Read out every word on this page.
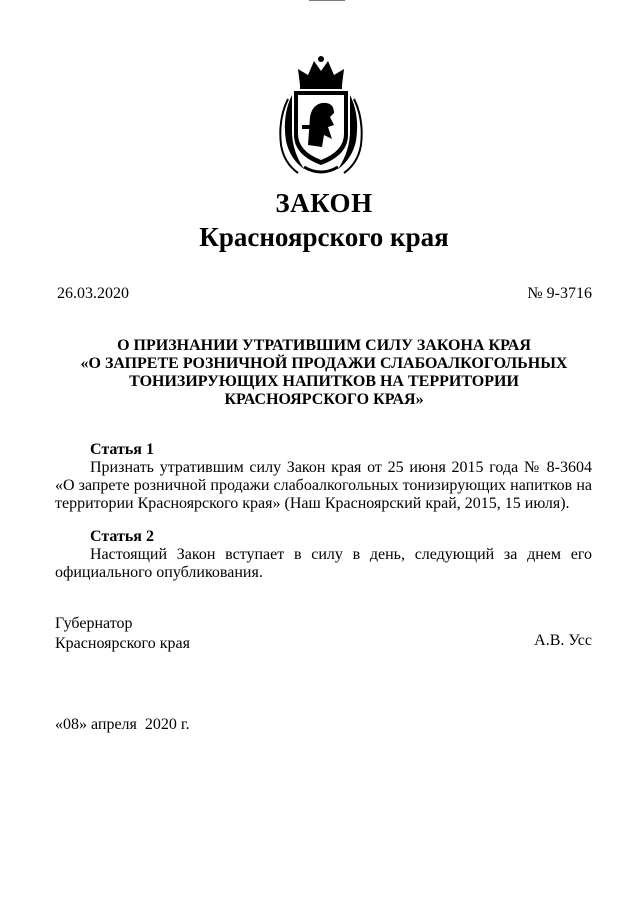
ЗАКОН
Красноярского края
26.03.2020	№ 9-3716
О ПРИЗНАНИИ УТРАТИВШИМ СИЛУ ЗАКОНА КРАЯ
«О ЗАПРЕТЕ РОЗНИЧНОЙ ПРОДАЖИ СЛАБОАЛКОГОЛЬНЫХ
ТОНИЗИРУЮЩИХ НАПИТКОВ НА ТЕРРИТОРИИ
КРАСНОЯРСКОГО КРАЯ»
Статья 1
Признать утратившим силу Закон края от 25 июня 2015 года № 8-3604
«О запрете розничной продажи слабоалкогольных тонизирующих напитков на
территории Красноярского края» (Наш Красноярский край, 2015, 15 июля).
Статья 2
Настоящий Закон вступает в силу в день, следующий за днем его
официального опубликования.
Губернатор
Красноярского края	А.В. Усс
«08» апреля  2020 г.
